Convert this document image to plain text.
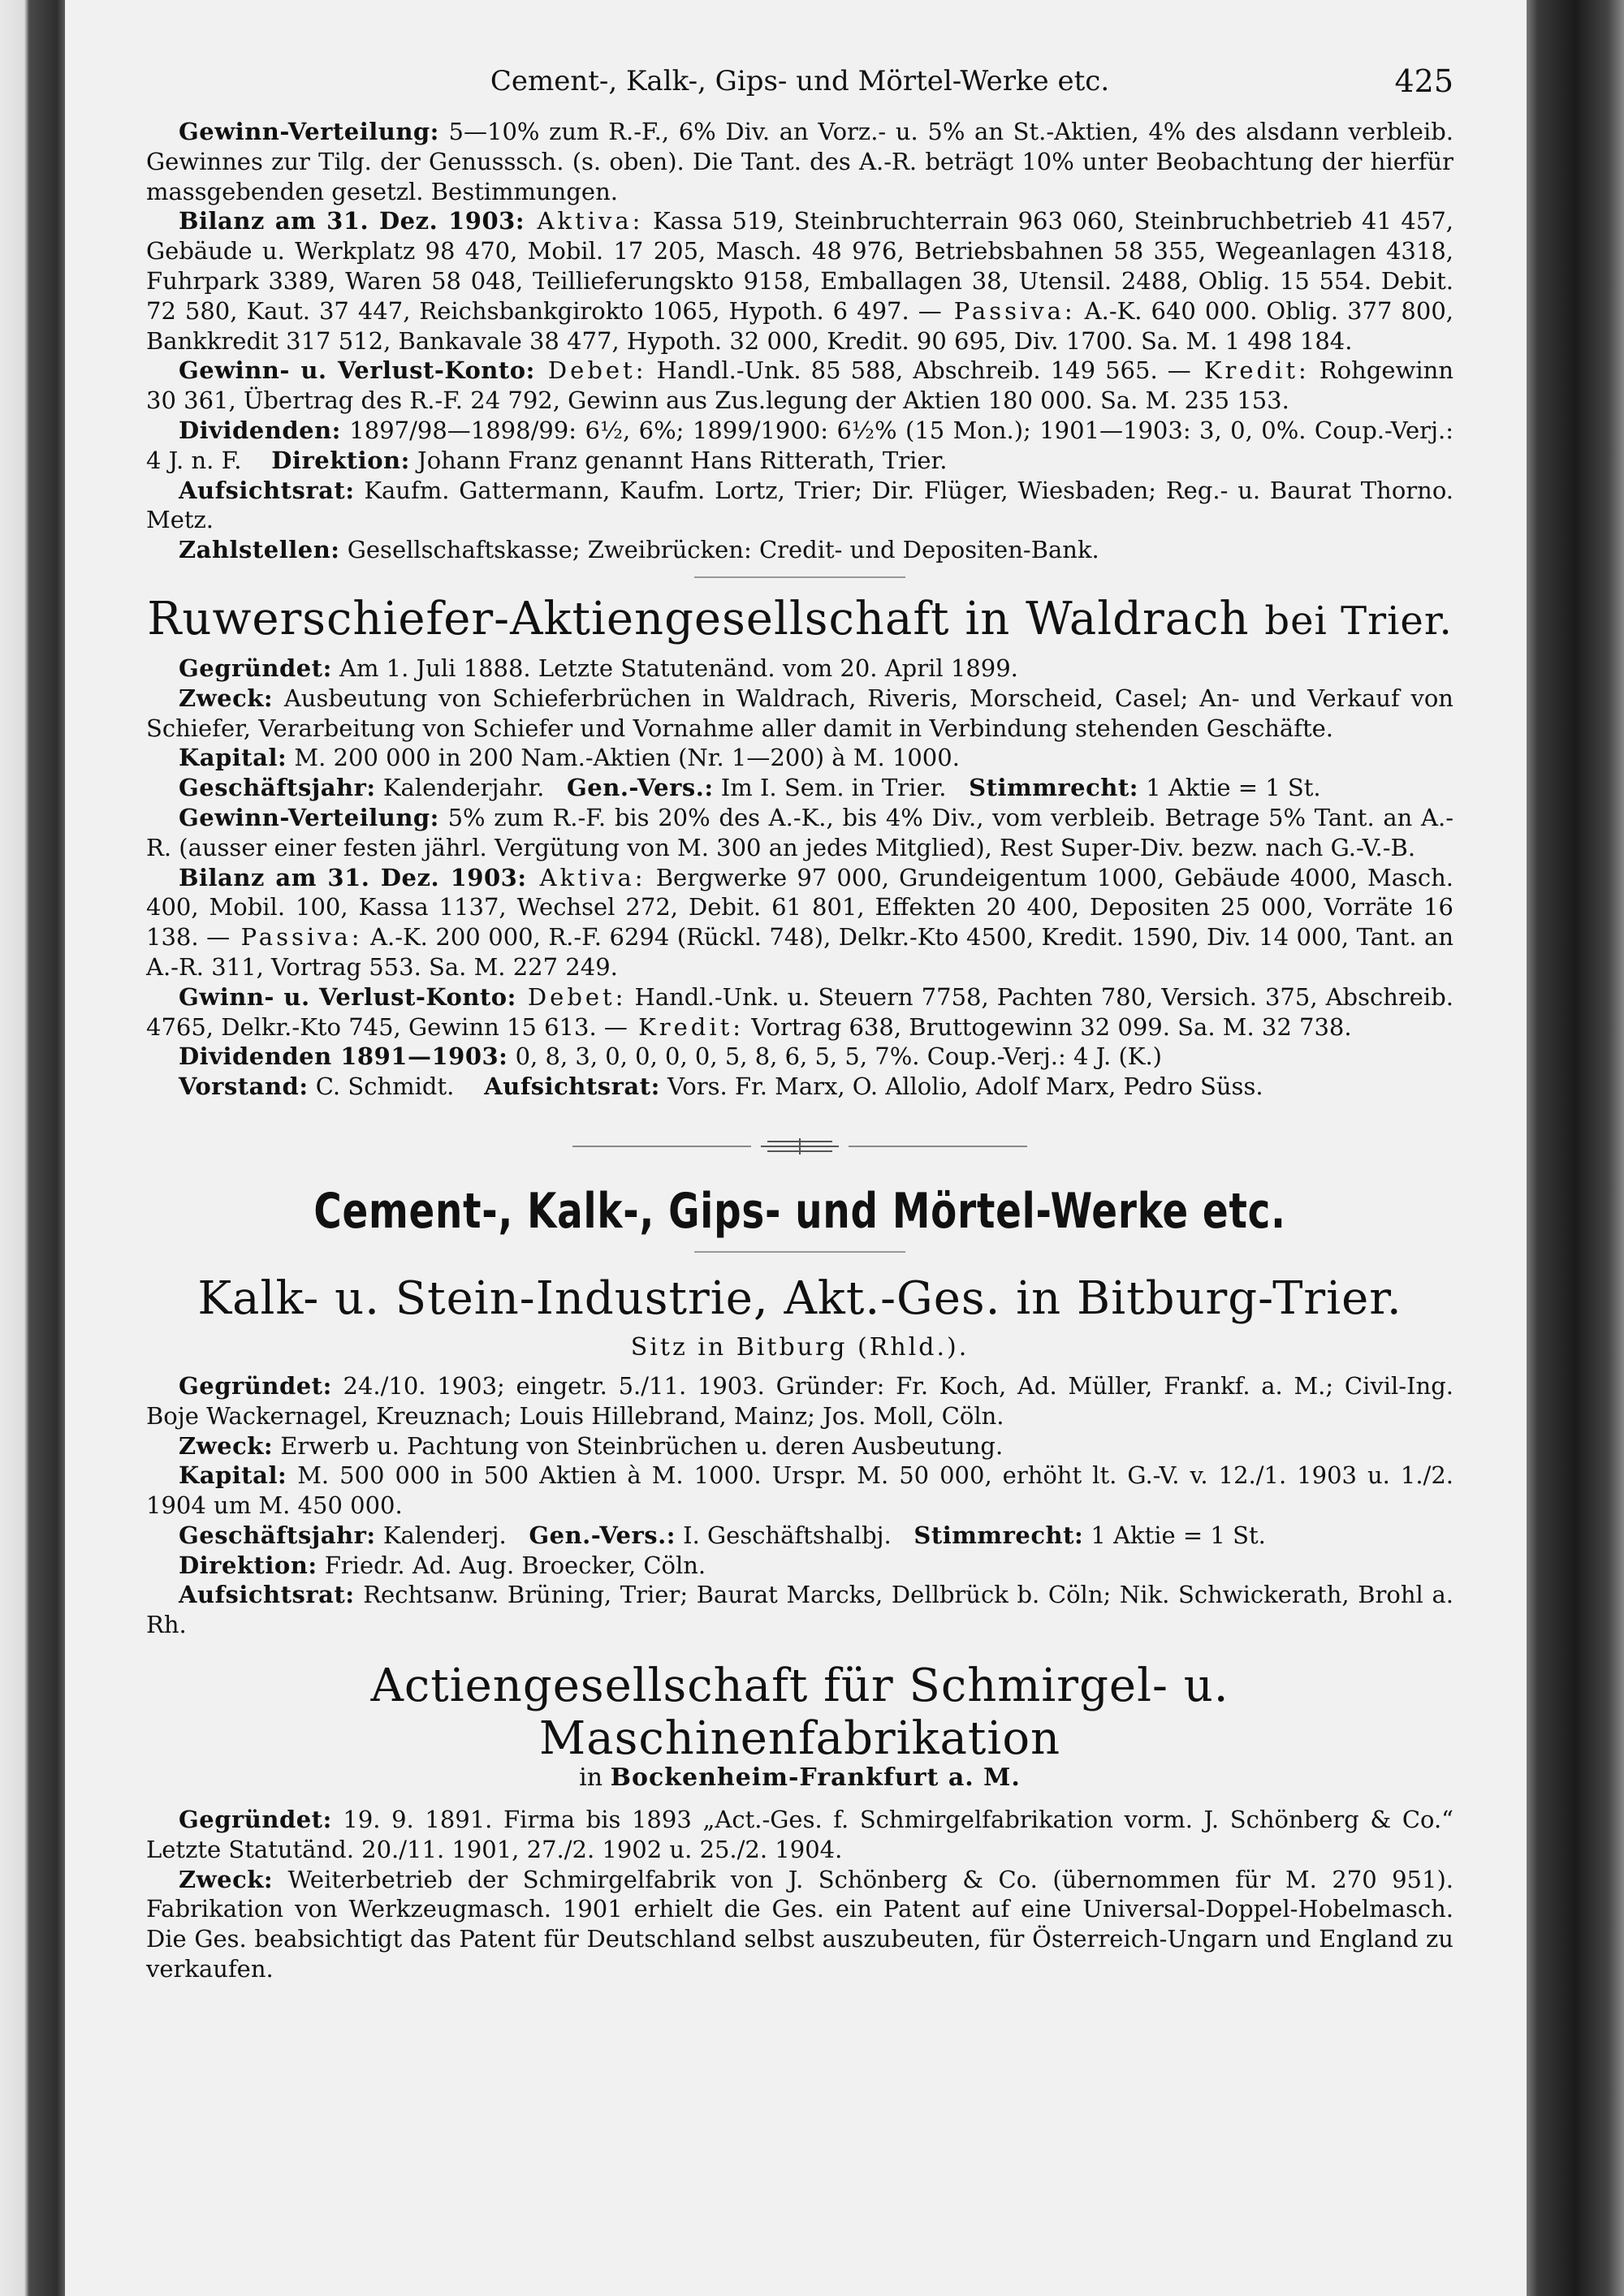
Cement-, Kalk-, Gips- und Mörtel-Werke etc.	425

Gewinn-Verteilung: 5—10% zum R.-F., 6% Div. an Vorz.- u. 5% an St.-Aktien, 4% des alsdann verbleib. Gewinnes zur Tilg. der Genusssch. (s. oben). Die Tant. des A.-R. beträgt 10% unter Beobachtung der hierfür massgebenden gesetzl. Bestimmungen.

Bilanz am 31. Dez. 1903: Aktiva: Kassa 519, Steinbruchterrain 963 060, Steinbruchbetrieb 41 457, Gebäude u. Werkplatz 98 470, Mobil. 17 205, Masch. 48 976, Betriebsbahnen 58 355, Wegeanlagen 4318, Fuhrpark 3389, Waren 58 048, Teillieferungskto 9158, Emballagen 38, Utensil. 2488, Oblig. 15 554. Debit. 72 580, Kaut. 37 447, Reichsbankgirokto 1065, Hypoth. 6 497. — Passiva: A.-K. 640 000. Oblig. 377 800, Bankkredit 317 512, Bankavale 38 477, Hypoth. 32 000, Kredit. 90 695, Div. 1700. Sa. M. 1 498 184.

Gewinn- u. Verlust-Konto: Debet: Handl.-Unk. 85 588, Abschreib. 149 565. — Kredit: Rohgewinn 30 361, Übertrag des R.-F. 24 792, Gewinn aus Zus.legung der Aktien 180 000. Sa. M. 235 153.

Dividenden: 1897/98—1898/99: 6½, 6%; 1899/1900: 6½% (15 Mon.); 1901—1903: 3, 0, 0%. Coup.-Verj.: 4 J. n. F. Direktion: Johann Franz genannt Hans Ritterath, Trier.

Aufsichtsrat: Kaufm. Gattermann, Kaufm. Lortz, Trier; Dir. Flüger, Wiesbaden; Reg.- u. Baurat Thorno. Metz.

Zahlstellen: Gesellschaftskasse; Zweibrücken: Credit- und Depositen-Bank.

Ruwerschiefer-Aktiengesellschaft in Waldrach bei Trier.

Gegründet: Am 1. Juli 1888. Letzte Statutenänd. vom 20. April 1899.

Zweck: Ausbeutung von Schieferbrüchen in Waldrach, Riveris, Morscheid, Casel; An- und Verkauf von Schiefer, Verarbeitung von Schiefer und Vornahme aller damit in Verbindung stehenden Geschäfte.

Kapital: M. 200 000 in 200 Nam.-Aktien (Nr. 1—200) à M. 1000.

Geschäftsjahr: Kalenderjahr. Gen.-Vers.: Im I. Sem. in Trier. Stimmrecht: 1 Aktie = 1 St.

Gewinn-Verteilung: 5% zum R.-F. bis 20% des A.-K., bis 4% Div., vom verbleib. Betrage 5% Tant. an A.-R. (ausser einer festen jährl. Vergütung von M. 300 an jedes Mitglied), Rest Super-Div. bezw. nach G.-V.-B.

Bilanz am 31. Dez. 1903: Aktiva: Bergwerke 97 000, Grundeigentum 1000, Gebäude 4000, Masch. 400, Mobil. 100, Kassa 1137, Wechsel 272, Debit. 61 801, Effekten 20 400, Depositen 25 000, Vorräte 16 138. — Passiva: A.-K. 200 000, R.-F. 6294 (Rückl. 748), Delkr.-Kto 4500, Kredit. 1590, Div. 14 000, Tant. an A.-R. 311, Vortrag 553. Sa. M. 227 249.

Gwinn- u. Verlust-Konto: Debet: Handl.-Unk. u. Steuern 7758, Pachten 780, Versich. 375, Abschreib. 4765, Delkr.-Kto 745, Gewinn 15 613. — Kredit: Vortrag 638, Bruttogewinn 32 099. Sa. M. 32 738.

Dividenden 1891—1903: 0, 8, 3, 0, 0, 0, 0, 5, 8, 6, 5, 5, 7%. Coup.-Verj.: 4 J. (K.)

Vorstand: C. Schmidt. Aufsichtsrat: Vors. Fr. Marx, O. Allolio, Adolf Marx, Pedro Süss.

Cement-, Kalk-, Gips- und Mörtel-Werke etc.
Kalk- u. Stein-Industrie, Akt.-Ges. in Bitburg-Trier.
Sitz in Bitburg (Rhld.).

Gegründet: 24./10. 1903; eingetr. 5./11. 1903. Gründer: Fr. Koch, Ad. Müller, Frankf. a. M.; Civil-Ing. Boje Wackernagel, Kreuznach; Louis Hillebrand, Mainz; Jos. Moll, Cöln.

Zweck: Erwerb u. Pachtung von Steinbrüchen u. deren Ausbeutung.

Kapital: M. 500 000 in 500 Aktien à M. 1000. Urspr. M. 50 000, erhöht lt. G.-V. v. 12./1. 1903 u. 1./2. 1904 um M. 450 000.

Geschäftsjahr: Kalenderj. Gen.-Vers.: I. Geschäftshalbj. Stimmrecht: 1 Aktie = 1 St.

Direktion: Friedr. Ad. Aug. Broecker, Cöln.

Aufsichtsrat: Rechtsanw. Brüning, Trier; Baurat Marcks, Dellbrück b. Cöln; Nik. Schwickerath, Brohl a. Rh.

Actiengesellschaft für Schmirgel- u. Maschinenfabrikation
in Bockenheim-Frankfurt a. M.

Gegründet: 19. 9. 1891. Firma bis 1893 „Act.-Ges. f. Schmirgelfabrikation vorm. J. Schönberg & Co.“ Letzte Statutänd. 20./11. 1901, 27./2. 1902 u. 25./2. 1904.

Zweck: Weiterbetrieb der Schmirgelfabrik von J. Schönberg & Co. (übernommen für M. 270 951). Fabrikation von Werkzeugmasch. 1901 erhielt die Ges. ein Patent auf eine Universal-Doppel-Hobelmasch. Die Ges. beabsichtigt das Patent für Deutschland selbst auszubeuten, für Österreich-Ungarn und England zu verkaufen.
